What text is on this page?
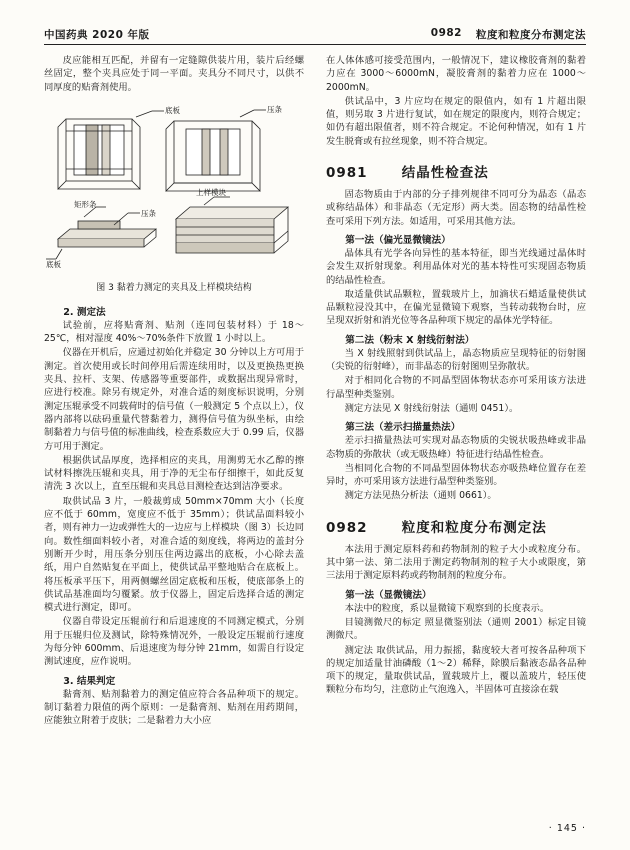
中国药典 2020 年版	0982 粒度和粒度分布测定法

皮应能相互匹配，并留有一定缝隙供装片用，装片后经螺丝固定，整个夹具应处于同一平面。夹具分不同尺寸，以供不同厚度的贴膏剂使用。

底板	压条
矩形条
压条
底板
上样模块
图 3 黏着力测定的夹具及上样模块结构
2. 测定法

试验前，应将贴膏剂、贴剂（连同包装材料）于 18～25℃，相对湿度 40%～70%条件下放置 1 小时以上。

仪器在开机后，应通过初始化并稳定 30 分钟以上方可用于测定。首次使用或长时间停用后需连续用时，以及更换热更换夹具、拉杆、支架、传感器等重要部件，或数据出现异常时，应进行校准。除另有规定外，对准合适的刻度标识说明，分别测定压辊承受不同载荷时的信号值（一般测定 5 个点以上），仪器内部将以砝码重量代替黏着力，测得信号值为纵坐标，由绘制黏着力与信号值的标准曲线，检查系数应大于 0.99 后，仪器方可用于测定。

根据供试品厚度，选择相应的夹具，用测剪无水乙醇的擦试材料擦洗压辊和夹具，用于净的无尘布仔细擦干，如此反复清洗 3 次以上，直至压辊和夹具总目测检查达到洁净要求。

取供试品 3 片，一般裁剪成 50mm×70mm 大小（长度应不低于 60mm，宽度应不低于 35mm）；供试品面料较小者，则有神力一边或弹性大的一边应与上样模块（图 3）长边同向。数性细面料较小者，对准合适的刻度线，将两边的盖封分别断开少时，用压条分别压住两边露出的底板，小心除去盖纸，用户自然贴复在平面上，使供试品平整地贴合在底板上。将压板承平压下，用两侧螺丝固定底板和压板，使底部条上的供试品基准面均匀覆紧。放于仪器上，固定后选择合适的测定模式进行测定，即可。

仪器自带设定压辊前行和后退速度的不同测定模式，分别用于压辊归位及测试，除特殊情况外，一般设定压辊前行速度为每分钟 600mm、后退速度为每分钟 21mm，如需自行设定测试速度，应作说明。

3. 结果判定

黏膏剂、贴剂黏着力的测定值应符合各品种项下的规定。制订黏着力限值的两个原则：一是黏膏剂、贴剂在用药期间，应能独立附着于皮肤；二是黏着力大小应

在人体体感可接受范围内，一般情况下，建议橡胶膏剂的黏着力应在 3000～6000mN，凝胶膏剂的黏着力应在 1000～2000mN。

供试品中，3 片应均在规定的限值内，如有 1 片超出限值，则另取 3 片进行复试，如在规定的限度内，则符合规定；如仍有超出限值者，则不符合规定。不论何种情况，如有 1 片发生脱膏或有拉丝现象，则不符合规定。

0981	结晶性检查法

固态物质由于内部的分子排列规律不同可分为晶态（晶态或称结晶体）和非晶态（无定形）两大类。固态物的结晶性检查可采用下列方法。如适用，可采用其他方法。

第一法（偏光显微镜法）

晶体具有光学各向异性的基本特征，即当光线通过晶体时会发生双折射现象。利用晶体对光的基本特性可实现固态物质的结晶性检查。

取适量供试品颗粒，置载玻片上，加滴状石蜡适量使供试品颗粒浸没其中，在偏光显微镜下观察，当转动载物台时，应呈现双折射和消光位等各品种项下规定的晶体光学特征。

第二法（粉末 X 射线衍射法）

当 X 射线照射到供试品上，晶态物质应呈现特征的衍射图（尖锐的衍射峰），而非晶态的衍射图则呈弥散状。

对于相同化合物的不同晶型固体物状态亦可采用该方法进行晶型种类鉴别。

测定方法见 X 射线衍射法（通则 0451）。

第三法（差示扫描量热法）

差示扫描量热法可实现对晶态物质的尖锐状吸热峰或非晶态物质的弥散状（或无吸热峰）特征进行结晶性检查。

当相同化合物的不同晶型固体物状态亦吸热峰位置存在差异时，亦可采用该方法进行晶型种类鉴别。

测定方法见热分析法（通则 0661）。

0982	粒度和粒度分布测定法

本法用于测定原料药和药物制剂的粒子大小或粒度分布。其中第一法、第二法用于测定药物制剂的粒子大小或限度，第三法用于测定原料药或药物制剂的粒度分布。

第一法（显微镜法）

本法中的粒度，系以显微镜下观察到的长度表示。

目镜测微尺的标定 照显微鉴别法（通则 2001）标定目镜测微尺。

测定法 取供试品，用力振摇，黏度较大者可按各品种项下的规定加适量甘油磷酸（1～2）稀释，除膜后黏液态晶各品种项下的规定，量取供试品，置载玻片上，覆以盖玻片，轻压使颗粒分布均匀，注意防止气泡逸入，半固体可直接涂在载

· 145 ·
